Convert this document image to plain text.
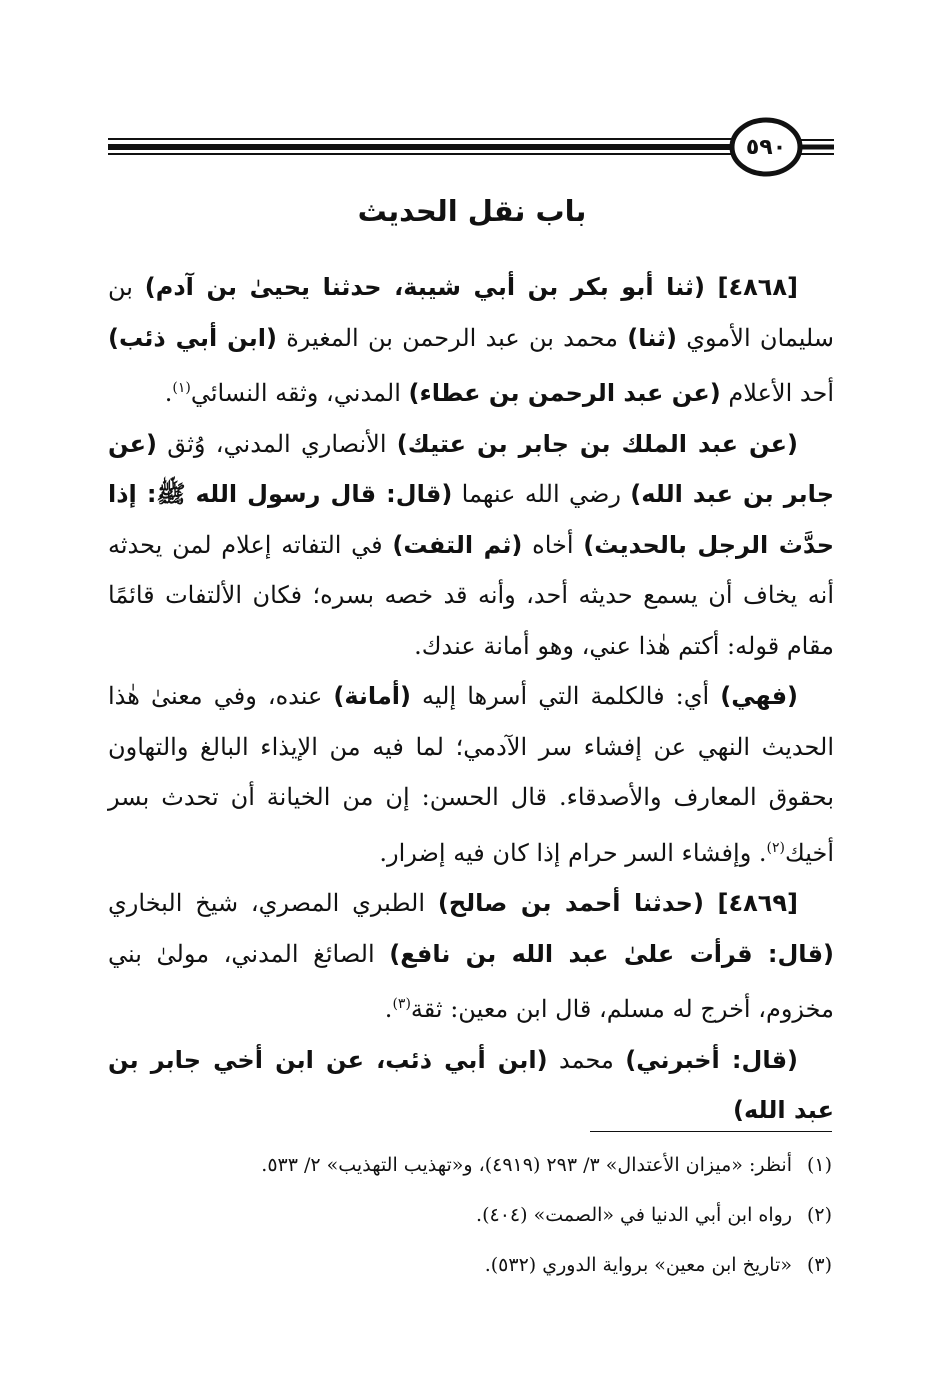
٥٩٠
باب نقل الحديث

[٤٨٦٨] (ثنا أبو بكر بن أبي شيبة، حدثنا يحيىٰ بن آدم) بن سليمان الأموي (ثنا) محمد بن عبد الرحمن بن المغيرة (ابن أبي ذئب) أحد الأعلام (عن عبد الرحمن بن عطاء) المدني، وثقه النسائي$^{(١)}$.

(عن عبد الملك بن جابر بن عتيك) الأنصاري المدني، وُثق (عن جابر بن عبد الله) رضي الله عنهما (قال: قال رسول الله ﷺ: إذا حدَّث الرجل بالحديث) أخاه (ثم التفت) في التفاته إعلام لمن يحدثه أنه يخاف أن يسمع حديثه أحد، وأنه قد خصه بسره؛ فكان الألتفات قائمًا مقام قوله: أكتم هٰذا عني، وهو أمانة عندك.

(فهي) أي: فالكلمة التي أسرها إليه (أمانة) عنده، وفي معنىٰ هٰذا الحديث النهي عن إفشاء سر الآدمي؛ لما فيه من الإيذاء البالغ والتهاون بحقوق المعارف والأصدقاء. قال الحسن: إن من الخيانة أن تحدث بسر أخيك$^{(٢)}$. وإفشاء السر حرام إذا كان فيه إضرار.

[٤٨٦٩] (حدثنا أحمد بن صالح) الطبري المصري، شيخ البخاري (قال: قرأت علىٰ عبد الله بن نافع) الصائغ المدني، مولىٰ بني مخزوم، أخرج له مسلم، قال ابن معين: ثقة$^{(٣)}$.

(قال: أخبرني) محمد (ابن أبي ذئب، عن ابن أخي جابر بن عبد الله)

(١)
أنظر: «ميزان الأعتدال» ٣/ ٢٩٣ (٤٩١٩)، و«تهذيب التهذيب» ٢/ ٥٣٣.
(٢)
رواه ابن أبي الدنيا في «الصمت» (٤٠٤).
(٣)
«تاريخ ابن معين» برواية الدوري (٥٣٢).
